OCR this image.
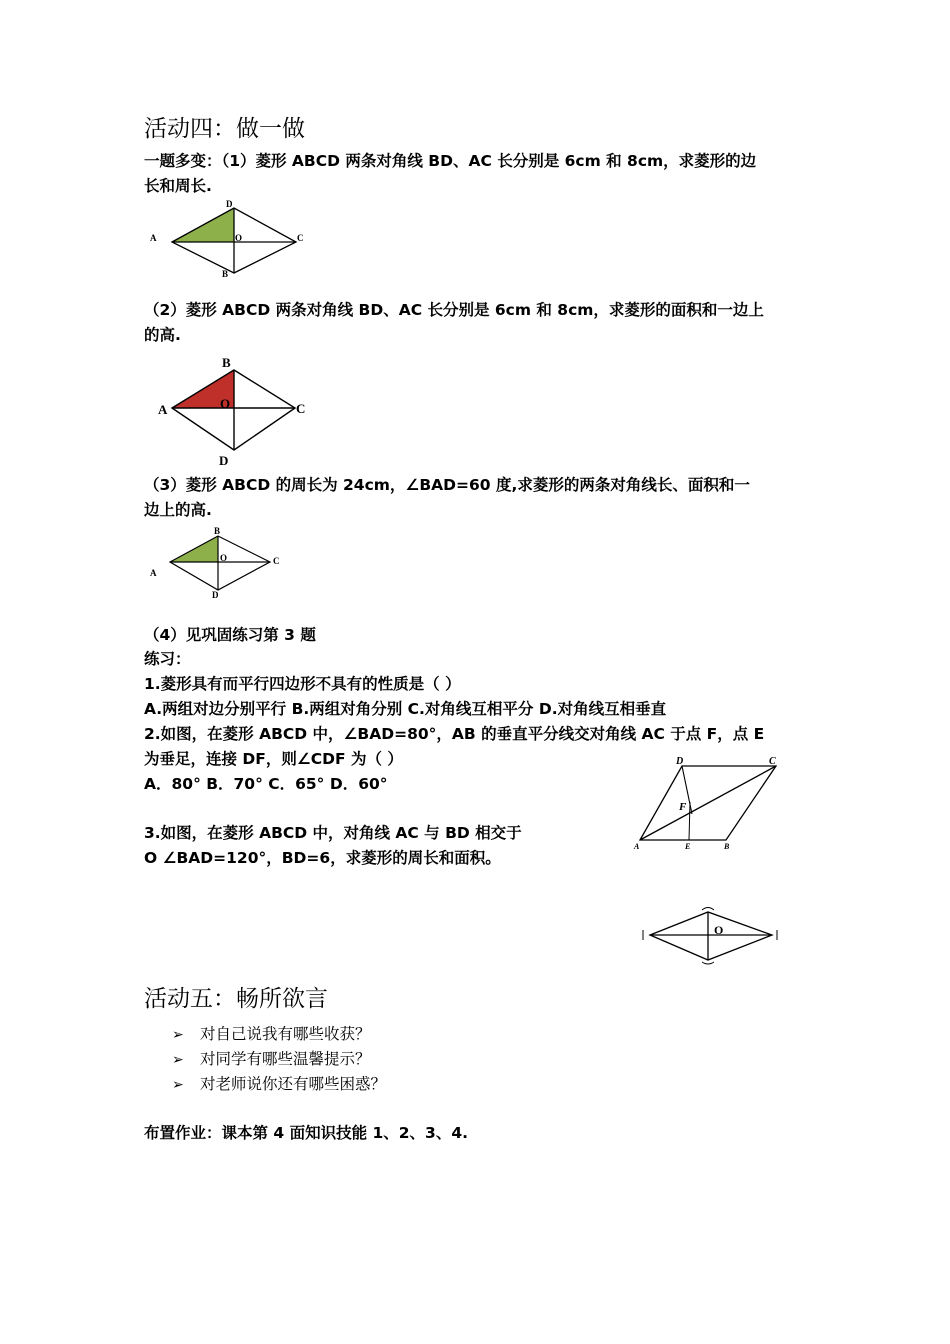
活动四：做一做
一题多变：（1）菱形 ABCD 两条对角线 BD、AC 长分别是 6cm 和 8cm，求菱形的边
长和周长.
A
D
C
B
O
（2）菱形 ABCD 两条对角线 BD、AC 长分别是 6cm 和 8cm，求菱形的面积和一边上
的高.
A
B
C
D
O
（3）菱形 ABCD 的周长为 24cm，∠BAD=60 度,求菱形的两条对角线长、面积和一
边上的高.
A
B
C
D
O
（4）见巩固练习第 3 题
练习：
1.菱形具有而平行四边形不具有的性质是（ ）
A.两组对边分别平行 B.两组对角分别 C.对角线互相平分 D.对角线互相垂直
2.如图，在菱形 ABCD 中，∠BAD=80°，AB 的垂直平分线交对角线 AC 于点 F，点 E
为垂足，连接 DF，则∠CDF 为（ ）
A．80° B．70° C．65° D．60°
D	C
F
A	E	B
3.如图，在菱形 ABCD 中，对角线 AC 与 BD 相交于
O ∠BAD=120°，BD=6，求菱形的周长和面积。
O
活动五：畅所欲言
➢ 对自己说我有哪些收获？
➢ 对同学有哪些温馨提示？
➢ 对老师说你还有哪些困惑？
布置作业：课本第 4 面知识技能 1、2、3、4.
